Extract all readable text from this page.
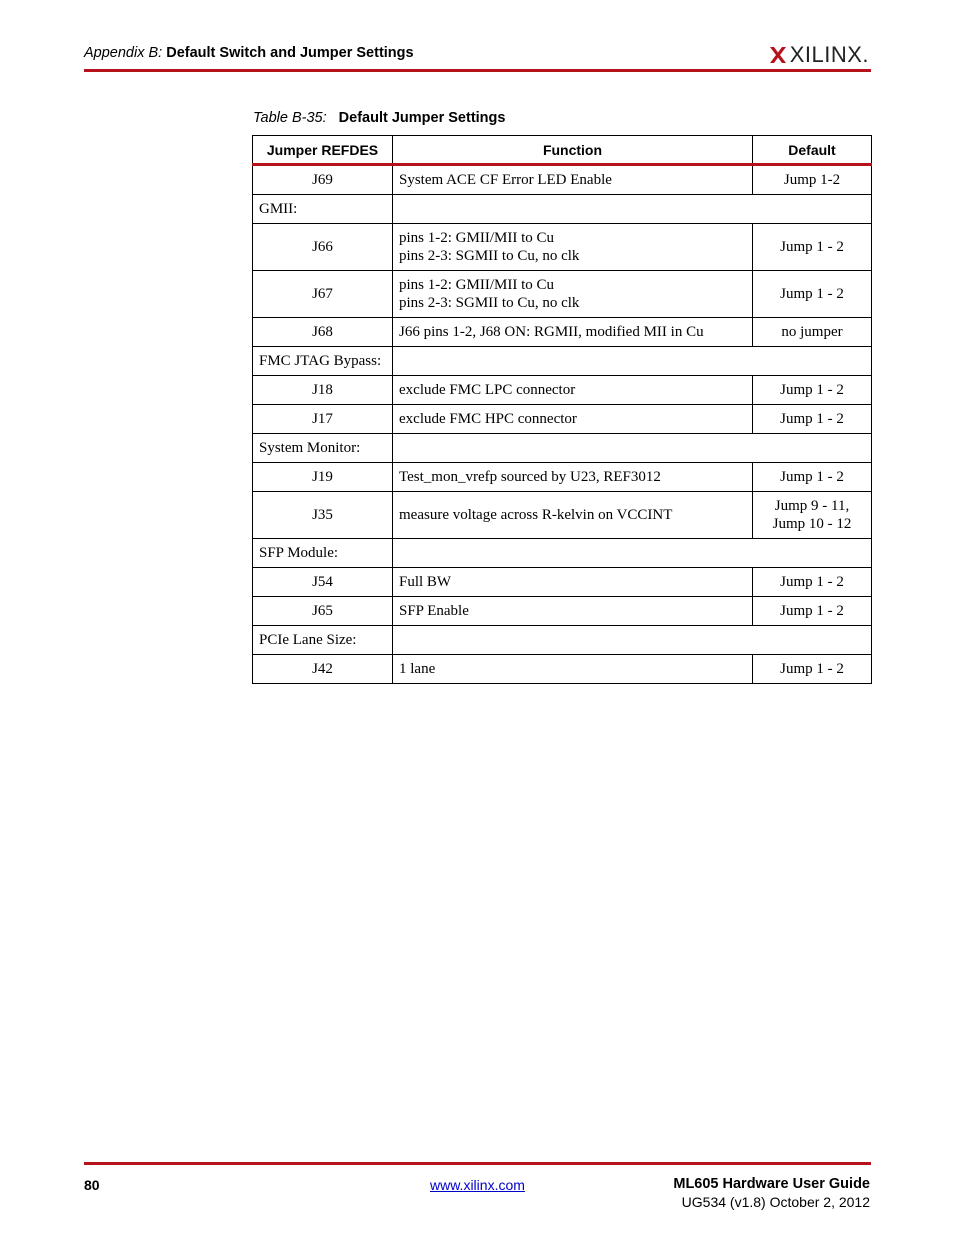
Appendix B: Default Switch and Jumper Settings	XILINX.
Table B-35: Default Jumper Settings
Jumper REFDES	Function	Default
J69	System ACE CF Error LED Enable	Jump 1-2

GMII:		
J66	pins 1-2: GMII/MII to Cu
pins 2-3: SGMII to Cu, no clk	Jump 1 - 2

J67	pins 1-2: GMII/MII to Cu
pins 2-3: SGMII to Cu, no clk	Jump 1 - 2

J68	J66 pins 1-2, J68 ON: RGMII, modified MII in Cu	no jumper

FMC JTAG Bypass:		
J18	exclude FMC LPC connector	Jump 1 - 2

J17	exclude FMC HPC connector	Jump 1 - 2

System Monitor:		
J19	Test_mon_vrefp sourced by U23, REF3012	Jump 1 - 2

J35	measure voltage across R-kelvin on VCCINT	Jump 9 - 11,
Jump 10 - 12

SFP Module:		
J54	Full BW	Jump 1 - 2

J65	SFP Enable	Jump 1 - 2

PCIe Lane Size:		
J42	1 lane	Jump 1 - 2
80	www.xilinx.com	ML605 Hardware User Guide
UG534 (v1.8) October 2, 2012
